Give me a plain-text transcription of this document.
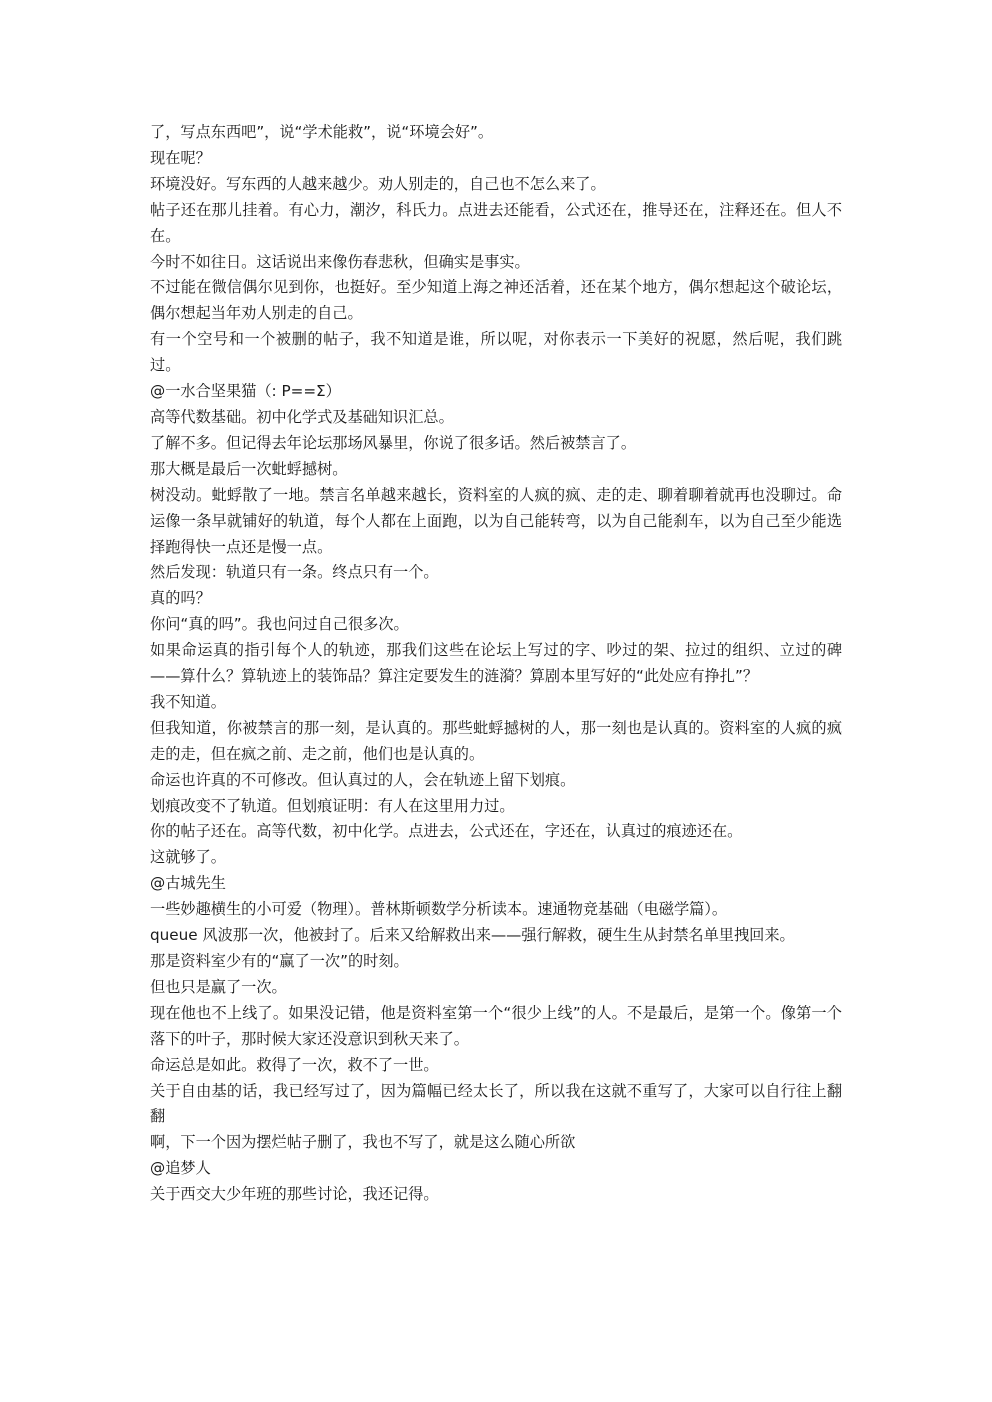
了，写点东西吧”，说“学术能救”，说“环境会好”。

现在呢？

环境没好。写东西的人越来越少。劝人别走的，自己也不怎么来了。

帖子还在那儿挂着。有心力，潮汐，科氏力。点进去还能看，公式还在，推导还在，注释还在。但人不在。

今时不如往日。这话说出来像伤春悲秋，但确实是事实。

不过能在微信偶尔见到你，也挺好。至少知道上海之神还活着，还在某个地方，偶尔想起这个破论坛，偶尔想起当年劝人别走的自己。

有一个空号和一个被删的帖子，我不知道是谁，所以呢，对你表示一下美好的祝愿，然后呢，我们跳过。

@一水合坚果猫（: P==Σ）

高等代数基础。初中化学式及基础知识汇总。

了解不多。但记得去年论坛那场风暴里，你说了很多话。然后被禁言了。

那大概是最后一次蚍蜉撼树。

树没动。蚍蜉散了一地。禁言名单越来越长，资料室的人疯的疯、走的走、聊着聊着就再也没聊过。命运像一条早就铺好的轨道，每个人都在上面跑，以为自己能转弯，以为自己能刹车，以为自己至少能选择跑得快一点还是慢一点。

然后发现：轨道只有一条。终点只有一个。

真的吗？

你问“真的吗”。我也问过自己很多次。

如果命运真的指引每个人的轨迹，那我们这些在论坛上写过的字、吵过的架、拉过的组织、立过的碑——算什么？算轨迹上的装饰品？算注定要发生的涟漪？算剧本里写好的“此处应有挣扎”？

我不知道。

但我知道，你被禁言的那一刻，是认真的。那些蚍蜉撼树的人，那一刻也是认真的。资料室的人疯的疯走的走，但在疯之前、走之前，他们也是认真的。

命运也许真的不可修改。但认真过的人，会在轨迹上留下划痕。

划痕改变不了轨道。但划痕证明：有人在这里用力过。

你的帖子还在。高等代数，初中化学。点进去，公式还在，字还在，认真过的痕迹还在。

这就够了。

@古城先生

一些妙趣横生的小可爱（物理）。普林斯顿数学分析读本。速通物竞基础（电磁学篇）。

queue 风波那一次，他被封了。后来又给解救出来——强行解救，硬生生从封禁名单里拽回来。

那是资料室少有的“赢了一次”的时刻。

但也只是赢了一次。

现在他也不上线了。如果没记错，他是资料室第一个“很少上线”的人。不是最后，是第一个。像第一个落下的叶子，那时候大家还没意识到秋天来了。

命运总是如此。救得了一次，救不了一世。

关于自由基的话，我已经写过了，因为篇幅已经太长了，所以我在这就不重写了，大家可以自行往上翻翻

啊，下一个因为摆烂帖子删了，我也不写了，就是这么随心所欲

@追梦人

关于西交大少年班的那些讨论，我还记得。
